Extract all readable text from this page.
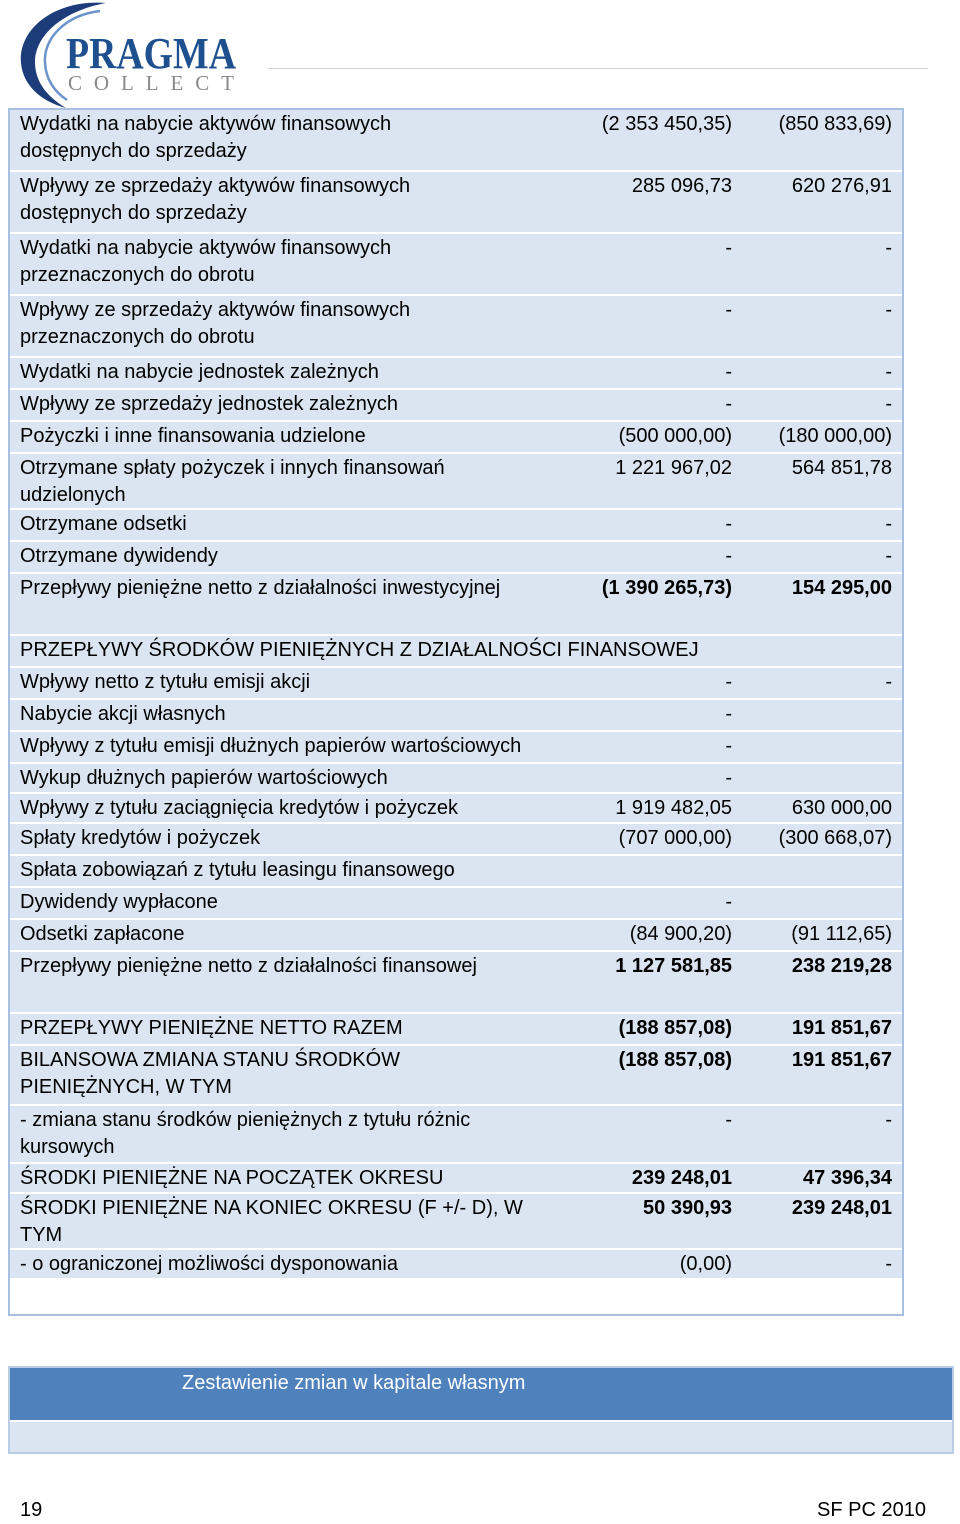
PRAGMA
COLLECT
Wydatki na nabycie aktywów finansowych
dostępnych do sprzedaży
(2 353 450,35)	(850 833,69)
Wpływy ze sprzedaży aktywów finansowych
dostępnych do sprzedaży
285 096,73	620 276,91
Wydatki na nabycie aktywów finansowych
przeznaczonych do obrotu
-	-
Wpływy ze sprzedaży aktywów finansowych
przeznaczonych do obrotu
-	-
Wydatki na nabycie jednostek zależnych	-	-
Wpływy ze sprzedaży jednostek zależnych	-	-
Pożyczki i inne finansowania udzielone	(500 000,00)	(180 000,00)
Otrzymane spłaty pożyczek i innych finansowań
udzielonych
1 221 967,02	564 851,78
Otrzymane odsetki	-	-
Otrzymane dywidendy	-	-
Przepływy pieniężne netto z działalności inwestycyjnej	(1 390 265,73)	154 295,00
PRZEPŁYWY ŚRODKÓW PIENIĘŻNYCH Z DZIAŁALNOŚCI FINANSOWEJ
Wpływy netto z tytułu emisji akcji	-	-
Nabycie akcji własnych	-
Wpływy z tytułu emisji dłużnych papierów wartościowych	-
Wykup dłużnych papierów wartościowych	-
Wpływy z tytułu zaciągnięcia kredytów i pożyczek	1 919 482,05	630 000,00
Spłaty kredytów i pożyczek	(707 000,00)	(300 668,07)
Spłata zobowiązań z tytułu leasingu finansowego
Dywidendy wypłacone	-
Odsetki zapłacone	(84 900,20)	(91 112,65)
Przepływy pieniężne netto z działalności finansowej	1 127 581,85	238 219,28
PRZEPŁYWY PIENIĘŻNE NETTO RAZEM	(188 857,08)	191 851,67
BILANSOWA ZMIANA STANU ŚRODKÓW
PIENIĘŻNYCH, W TYM
(188 857,08)	191 851,67
- zmiana stanu środków pieniężnych z tytułu różnic
kursowych
-	-
ŚRODKI PIENIĘŻNE NA POCZĄTEK OKRESU	239 248,01	47 396,34
ŚRODKI PIENIĘŻNE NA KONIEC OKRESU (F +/- D), W
TYM
50 390,93	239 248,01
- o ograniczonej możliwości dysponowania	(0,00)	-
Zestawienie zmian w kapitale własnym
19	SF PC 2010
